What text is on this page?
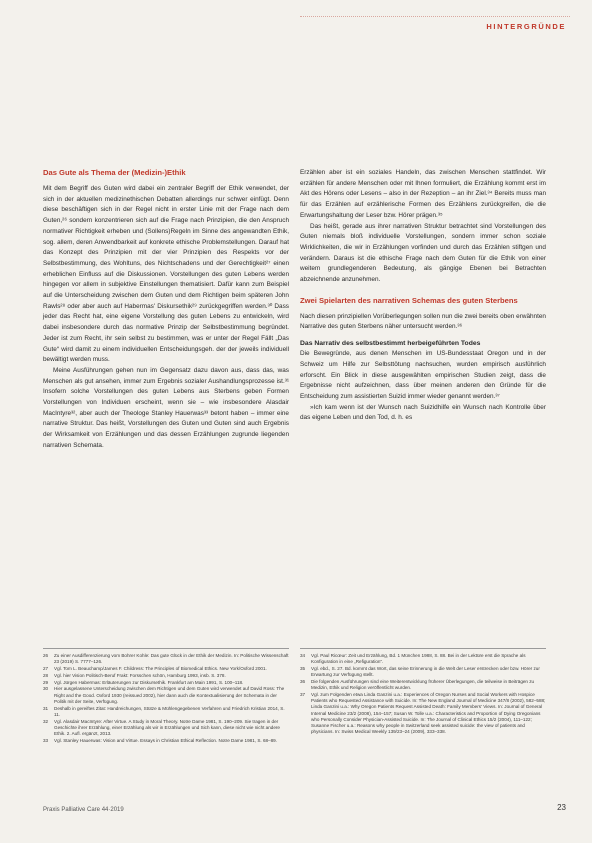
HINTERGRÜNDE
Das Gute als Thema der (Medizin-)Ethik

Mit dem Begriff des Guten wird dabei ein zentraler Begriff der Ethik verwendet, der sich in der aktuellen medizinethischen Debatten allerdings nur schwer einfügt. Denn diese beschäftigen sich in der Regel nicht in erster Linie mit der Frage nach dem Guten,²⁶ sondern konzentrieren sich auf die Frage nach Prinzipien, die den Anspruch normativer Richtigkeit erheben und (Sollens)Regeln im Sinne des angewandten Ethik, sog. allem, deren Anwendbarkeit auf konkrete ethische Problemstellungen. Darauf hat das Konzept des Prinzipien mit der vier Prinzipien des Respekts vor der Selbstbestimmung, des Wohltuns, des Nichtschadens und der Gerechtigkeit²⁷ einen erheblichen Einfluss auf die Diskussionen. Vorstellungen des guten Lebens werden hingegen vor allem in subjektive Einstellungen thematisiert. Dafür kann zum Beispiel auf die Unterscheidung zwischen dem Guten und dem Richtigen beim späteren John Rawls²⁸ oder aber auch auf Habermas' Diskursethik²⁹ zurückgegriffen werden.³⁰ Dass jeder das Recht hat, eine eigene Vorstellung des guten Lebens zu entwickeln, wird dabei insbesondere durch das normative Prinzip der Selbstbestimmung begründet. Jeder ist zum Recht, ihr sein selbst zu bestimmen, was er unter der Regel Fällt „Das Gute“ wird damit zu einem individuellen Entscheidungsgeh. der der jeweils individuell bewältigt werden muss.

Meine Ausführungen gehen nun im Gegensatz dazu davon aus, dass das, was Menschen als gut ansehen, immer zum Ergebnis sozialer Aushandlungsprozesse ist.³¹ Insofern solche Vorstellungen des guten Lebens aus Sterbens geben Formen Vorstellungen von Individuen erscheint, wenn sie – wie insbesondere Alasdair MacIntyre³², aber auch der Theologe Stanley Hauerwas³³ betont haben – immer eine narrative Struktur. Das heißt, Vorstellungen des Guten und Guten sind auch Ergebnis der Wirksamkeit von Erzählungen und das dessen Erzählungen zugrunde liegenden narrativen Schemata.

Erzählen aber ist ein soziales Handeln, das zwischen Menschen stattfindet. Wir erzählen für andere Menschen oder mit Ihnen formuliert, die Erzählung kommt erst im Akt des Hörens oder Lesens – also in der Rezeption – an ihr Ziel.³⁴ Bereits muss man für das Erzählen auf erzählerische Formen des Erzählens zurückgreifen, die die Erwartungshaltung der Leser bzw. Hörer prägen.³⁵

Das heißt, gerade aus ihrer narrativen Struktur betrachtet sind Vorstellungen des Guten niemals bloß individuelle Vorstellungen, sondern immer schon soziale Wirklichkeiten, die wir in Erzählungen vorfinden und durch das Erzählen stiftgen und verändern. Daraus ist die ethische Frage nach dem Guten für die Ethik von einer weitem grundlegenderen Bedeutung, als gängige Ebenen bei Betrachten abzeichnende anzunehmen.

Zwei Spielarten des narrativen Schemas des guten Sterbens

Nach diesen prinzipiellen Vorüberlegungen sollen nun die zwei bereits oben erwähnten Narrative des guten Sterbens näher untersucht werden.³⁶

Das Narrativ des selbstbestimmt herbeigeführten Todes

Die Bewegründe, aus denen Menschen im US-Bundesstaat Oregon und in der Schweiz um Hilfe zur Selbsttötung nachsuchen, wurden empirisch ausführlich erforscht. Ein Blick in diese ausgewählten empirischen Studien zeigt, dass die Ergebnisse nicht aufzeichnen, dass über meinen anderen den Gründe für die Entscheidung zum assistierten Suizid immer wieder genannt werden.³⁷

»Ich kam wenn ist der Wunsch nach Suizidhilfe ein Wunsch nach Kontrolle über das eigene Leben und den Tod, d. h. es

26	Zu einer Ausdifferenzierung vom Bohrer Kohle: Das gute Glück in der Ethik der Medizin. In: Politische Wissenschaft 23 (2019) S. 7777–126.
27	Vgl. Tom L. Beauchamp/James F. Childress: The Principles of Biomedical Ethics. New York/Oxford 2001.
28	Vgl. hier Vision Politisch-Beruf Frakt: Forsschen schön, Hamburg 1993, insb. S. 378.
29	Vgl. Jürgen Habermas: Erläuterungen zur Diskursethik. Frankfurt am Main 1991, S. 100–118.
30	Hier ausgelassene Unterscheidung zwischen dem Richtigen und dem Guten wird verwendet auf David Ross: The Right and the Good. Oxford 1930 (reissued 2002), hier dann auch die Kontextualisierung der Schemata in der Politik mit der Seite, Verfügung.
31	Deshalb in gereiftes Zitat: Handreichungen, Stütze & Mühlengegebenen Verfahren und Friedrich Kristian 2014, S. 11.
32	Vgl. Alasdair MacIntyre: After Virtue. A Study in Moral Theory. Notre Dame 1981, S. 190–209. Sie tragen in der Geschichte ihrer Erzählung, einer Erzählung als wir in Erzählungen und Sich kann, diese nicht wie nicht andere Ethik. 2. Aufl. ergänzt, 2013.
33	Vgl. Stanley Hauerwas: Vision and Virtue. Essays in Christian Ethical Reflection. Notre Dame 1981, S. 68–89.
34	Vgl. Paul Ricœur: Zeit und Erzählung, Bd. 1 München 1988, S. 88. Bei in der Lektüre erst die Sprache als Konfiguration in eine „Refiguration“.
35	Vgl. ebd., S. 27. Bd. kommt das Wort, das seine Erinnerung in die Welt der Leser erstrecken oder bzw. Hörer zur Erwartung zur Verfügung stellt.
36	Die folgenden Ausführungen sind eine Weiterentwicklung früherer Überlegungen, die teilweise in Beiträgen zu Medizin, Ethik und Religion veröffentlicht wurden.
37	Vgl. zum Folgenden etwa Linda Ganzini u.a.: Experiences of Oregon Nurses and Social Workers with Hospice Patients who Requested Assistance with Suicide. In: The New England Journal of Medicine 347/8 (2002), 582–588; Linda Ganzini u.a.: Why Oregon Patients Request Assisted Death: Family Members' Views. In: Journal of General Internal Medicine 23/2 (2008), 154–157; Susan W. Tolle u.a.: Characteristics and Proportion of Dying Oregonians who Personally Consider Physician-Assisted Suicide. In: The Journal of Clinical Ethics 15/2 (2004), 111–122; Susanne Fischer u.a.: Reasons why people in Switzerland seek assisted suicide: the view of patients and physicians. In: Swiss Medical Weekly 139/23–24 (2009), 333–338.
Praxis Palliative Care 44·2019	23
